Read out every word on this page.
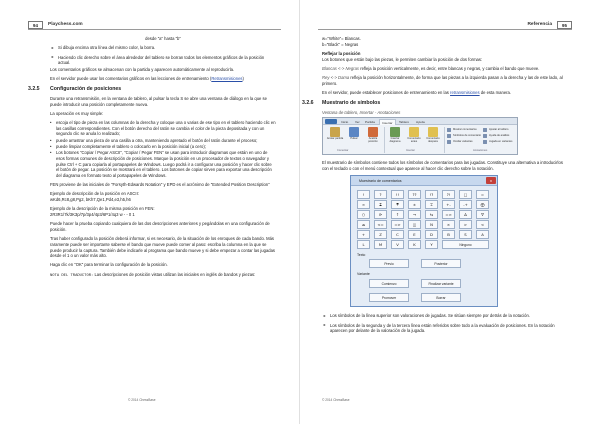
94	Playchess.com
desde "a" hasta "b"
► Si dibuja encima otra línea del mismo color, la borra.
► Haciendo clic derecho sobre el área alrededor del tablero se borran todos los elementos gráficos de la posición actual.
Los comentarios gráficos se almacenan con la partida y aparecen automáticamente al reproducirla.
En el servidor puede usar los comentarios gráficos en las lecciones de entrenamiento (Retransmisiones)
3.2.5 Configuración de posiciones
Durante una retransmisión, en la ventana de tablero, al pulsar la tecla S se abre una ventana de diálogo en la que se puede introducir una posición completamente nueva.
La operación es muy simple:
• escoja el tipo de pieza en las columnas de la derecha y coloque una o varias de ese tipo en el tablero haciendo clic en las casillas correspondientes. Con el botón derecho del ratón se cambia el color de la pieza depositada y con un segundo clic se anula lo realizado;
• puede arrastrar una pieza de una casilla a otra, manteniendo apretado el botón del ratón durante el proceso;
• puede limpiar completamente el tablero o colocarlo en la posición inicial (a cero);
• Los botones "Copiar / Pegar ASCII", "Copiar / Pegar FEN" se usan para introducir diagramas que están en uno de esos formas comunes de descripción de posiciones. Marque la posición en un procesador de textos o navegador y pulse Ctrl + C para copiarla al portapapeles de Windows. Luego podrá ir a configurar una posición y hacer clic sobre el botón de pegar. La posición se mostrará en el tablero. Los botones de copiar sirven para exportar una descripción del diagrama en formato texto al portapapeles de Windows.
FEN proviene de las iniciales de "Forsyth-Edwards Notation" y EPD es el acrónimo de "Extended Position Description"
Ejemplo de descripción de la posición en ASCII:
wKd6,Rc8,g8,Pg2, bKh7,Qe1,Pd4,e3,h5,h6
Ejemplo de la descripción de la misma posición en FEN:
2R3R1/7k/3K3p/7p/3p4/4p3/6P1/4q3 w - - 0 1
Puede hacer la prueba copiando cualquiera de las dos descripciones anteriores y pegándolas en una configuración de posición.
Tras haber configurado la posición deberá informar, si es necesario, de la situación de los enroques de cada bando. Más raramente puede ser importante saberse el bando que mueve puede comer al paso: escriba la columna en la que se puede producir la captura. También debe indicarle al programa que bando mueve y si debe empezar a contar las jugadas desde el 1 o un valor más alto.
Haga clic en "OK" para terminar la configuración de la posición.
NOTA DEL TRADUCTOR: Las descripciones de posición vistas utilizan las iniciales en inglés de bandos y piezas:
© 2014 ChessBase
Referencia	95
w="White"= Blancas.
b="Black" = Negras
Reflejar la posición
Los botones que están bajo las piezas, le permiten cambiar la posición de dos formas:
Blancas <-> Negras refleja la posición verticalmente, es decir, entre blancas y negras, y cambia el bando que mueve.
Rey <-> Dama refleja la posición horizontalmente, de forma que las piezas a la izquierda pasan a la derecha y las de este lado, al primero.
En el servidor, puede establecer posiciones de entrenamiento en las retransmisiones de esta manera.
3.2.6 Muestrario de símbolos
Ventana de tablero, Insertar - Anotaciones
Inicio	Ver	Partida	Insertar	Tablero	Ayuda
Anotar partida	Pulsar	Analiza posición
Insertar diagrama
Comentario antes
Comentario después
Mostrar comentarios
Símbolos de comentario
Ocultar variantes
Ajustar al tablero
Ayuda de análisis
Jugada en variantes
Comentar	Insertar	Anotaciones
El muestrario de símbolos contiene todos los símbolos de comentarios para las jugadas. Constituye una alternativa a introducirlos con el teclado o con el menú contextual que aparece al hacer clic derecho sobre la notación.
Muestrario de comentarios	x
!	?	!!	??	!?	?!	□	=
∞	⩲	⩱	±	∓	+-	-+	⨁
○	⟳	↑	→	⇆	=∞	∆	∇
⌓	<=	=>	◫	N	×	>	<
+	Z	C	E	D	B	S	A
L	M	V	K	Y	Ninguno
Texto
Previo	Posterior
Variante
Comienzo	Finalizar variante
Promover	Borrar
► Los símbolos de la línea superior son valoraciones de jugadas. Se sitúan siempre por detrás de la notación.
► Los símbolos de la segunda y de la tercera línea están referidos sobre todo a la evaluación de posiciones. En la notación aparecen por delante de la valoración de la jugada.
© 2014 ChessBase
